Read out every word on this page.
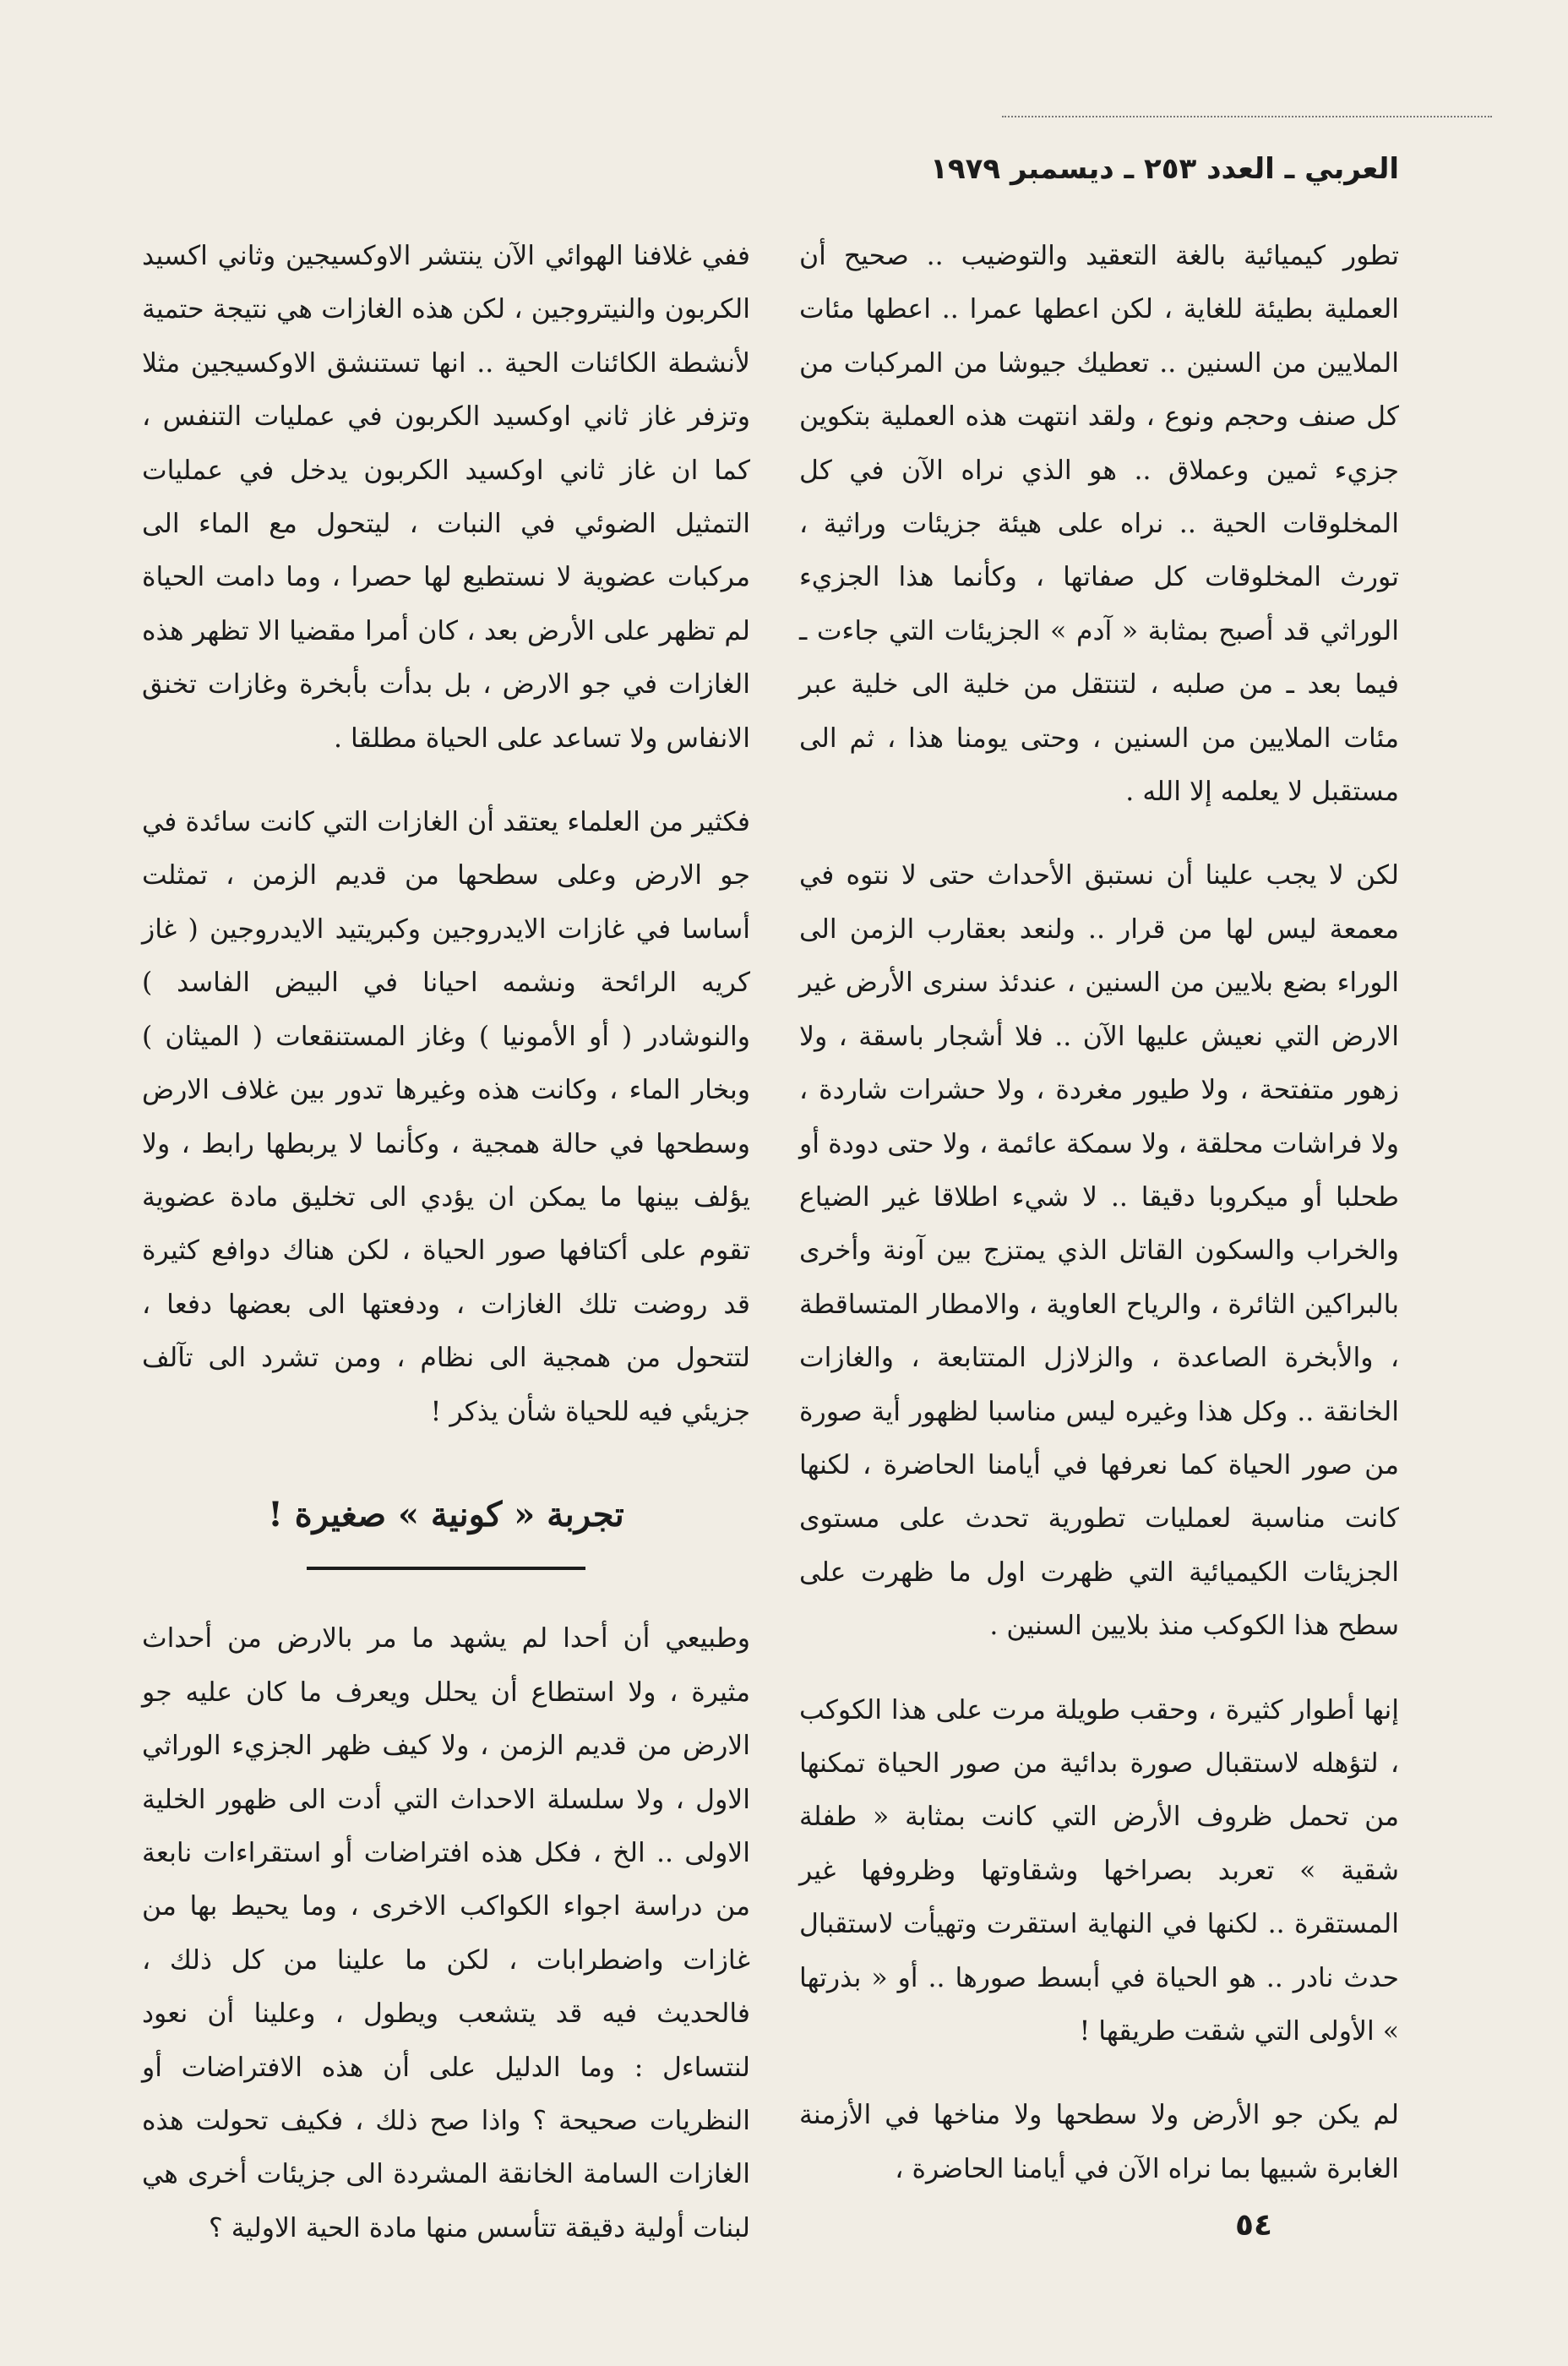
العربي ـ العدد ٢٥٣ ـ ديسمبر ١٩٧٩

تطور كيميائية بالغة التعقيد والتوضيب .. صحيح أن العملية بطيئة للغاية ، لكن اعطها عمرا .. اعطها مئات الملايين من السنين .. تعطيك جيوشا من المركبات من كل صنف وحجم ونوع ، ولقد انتهت هذه العملية بتكوين جزيء ثمين وعملاق .. هو الذي نراه الآن في كل المخلوقات الحية .. نراه على هيئة جزيئات وراثية ، تورث المخلوقات كل صفاتها ، وكأنما هذا الجزيء الوراثي قد أصبح بمثابة « آدم » الجزيئات التي جاءت ـ فيما بعد ـ من صلبه ، لتنتقل من خلية الى خلية عبر مئات الملايين من السنين ، وحتى يومنا هذا ، ثم الى مستقبل لا يعلمه إلا الله .

لكن لا يجب علينا أن نستبق الأحداث حتى لا نتوه في معمعة ليس لها من قرار .. ولنعد بعقارب الزمن الى الوراء بضع بلايين من السنين ، عندئذ سنرى الأرض غير الارض التي نعيش عليها الآن .. فلا أشجار باسقة ، ولا زهور متفتحة ، ولا طيور مغردة ، ولا حشرات شاردة ، ولا فراشات محلقة ، ولا سمكة عائمة ، ولا حتى دودة أو طحلبا أو ميكروبا دقيقا .. لا شيء اطلاقا غير الضياع والخراب والسكون القاتل الذي يمتزج بين آونة وأخرى بالبراكين الثائرة ، والرياح العاوية ، والامطار المتساقطة ، والأبخرة الصاعدة ، والزلازل المتتابعة ، والغازات الخانقة .. وكل هذا وغيره ليس مناسبا لظهور أية صورة من صور الحياة كما نعرفها في أيامنا الحاضرة ، لكنها كانت مناسبة لعمليات تطورية تحدث على مستوى الجزيئات الكيميائية التي ظهرت اول ما ظهرت على سطح هذا الكوكب منذ بلايين السنين .

إنها أطوار كثيرة ، وحقب طويلة مرت على هذا الكوكب ، لتؤهله لاستقبال صورة بدائية من صور الحياة تمكنها من تحمل ظروف الأرض التي كانت بمثابة « طفلة شقية » تعربد بصراخها وشقاوتها وظروفها غير المستقرة .. لكنها في النهاية استقرت وتهيأت لاستقبال حدث نادر .. هو الحياة في أبسط صورها .. أو « بذرتها » الأولى التي شقت طريقها !

لم يكن جو الأرض ولا سطحها ولا مناخها في الأزمنة الغابرة شبيها بما نراه الآن في أيامنا الحاضرة ،

ففي غلافنا الهوائي الآن ينتشر الاوكسيجين وثاني اكسيد الكربون والنيتروجين ، لكن هذه الغازات هي نتيجة حتمية لأنشطة الكائنات الحية .. انها تستنشق الاوكسيجين مثلا وتزفر غاز ثاني اوكسيد الكربون في عمليات التنفس ، كما ان غاز ثاني اوكسيد الكربون يدخل في عمليات التمثيل الضوئي في النبات ، ليتحول مع الماء الى مركبات عضوية لا نستطيع لها حصرا ، وما دامت الحياة لم تظهر على الأرض بعد ، كان أمرا مقضيا الا تظهر هذه الغازات في جو الارض ، بل بدأت بأبخرة وغازات تخنق الانفاس ولا تساعد على الحياة مطلقا .

فكثير من العلماء يعتقد أن الغازات التي كانت سائدة في جو الارض وعلى سطحها من قديم الزمن ، تمثلت أساسا في غازات الايدروجين وكبريتيد الايدروجين ( غاز كريه الرائحة ونشمه احيانا في البيض الفاسد ) والنوشادر ( أو الأمونيا ) وغاز المستنقعات ( الميثان ) وبخار الماء ، وكانت هذه وغيرها تدور بين غلاف الارض وسطحها في حالة همجية ، وكأنما لا يربطها رابط ، ولا يؤلف بينها ما يمكن ان يؤدي الى تخليق مادة عضوية تقوم على أكتافها صور الحياة ، لكن هناك دوافع كثيرة قد روضت تلك الغازات ، ودفعتها الى بعضها دفعا ، لتتحول من همجية الى نظام ، ومن تشرد الى تآلف جزيئي فيه للحياة شأن يذكر !

تجربة « كونية » صغيرة !

وطبيعي أن أحدا لم يشهد ما مر بالارض من أحداث مثيرة ، ولا استطاع أن يحلل ويعرف ما كان عليه جو الارض من قديم الزمن ، ولا كيف ظهر الجزيء الوراثي الاول ، ولا سلسلة الاحداث التي أدت الى ظهور الخلية الاولى .. الخ ، فكل هذه افتراضات أو استقراءات نابعة من دراسة اجواء الكواكب الاخرى ، وما يحيط بها من غازات واضطرابات ، لكن ما علينا من كل ذلك ، فالحديث فيه قد يتشعب ويطول ، وعلينا أن نعود لنتساءل : وما الدليل على أن هذه الافتراضات أو النظريات صحيحة ؟ واذا صح ذلك ، فكيف تحولت هذه الغازات السامة الخانقة المشردة الى جزيئات أخرى هي لبنات أولية دقيقة تتأسس منها مادة الحية الاولية ؟	٥٤
